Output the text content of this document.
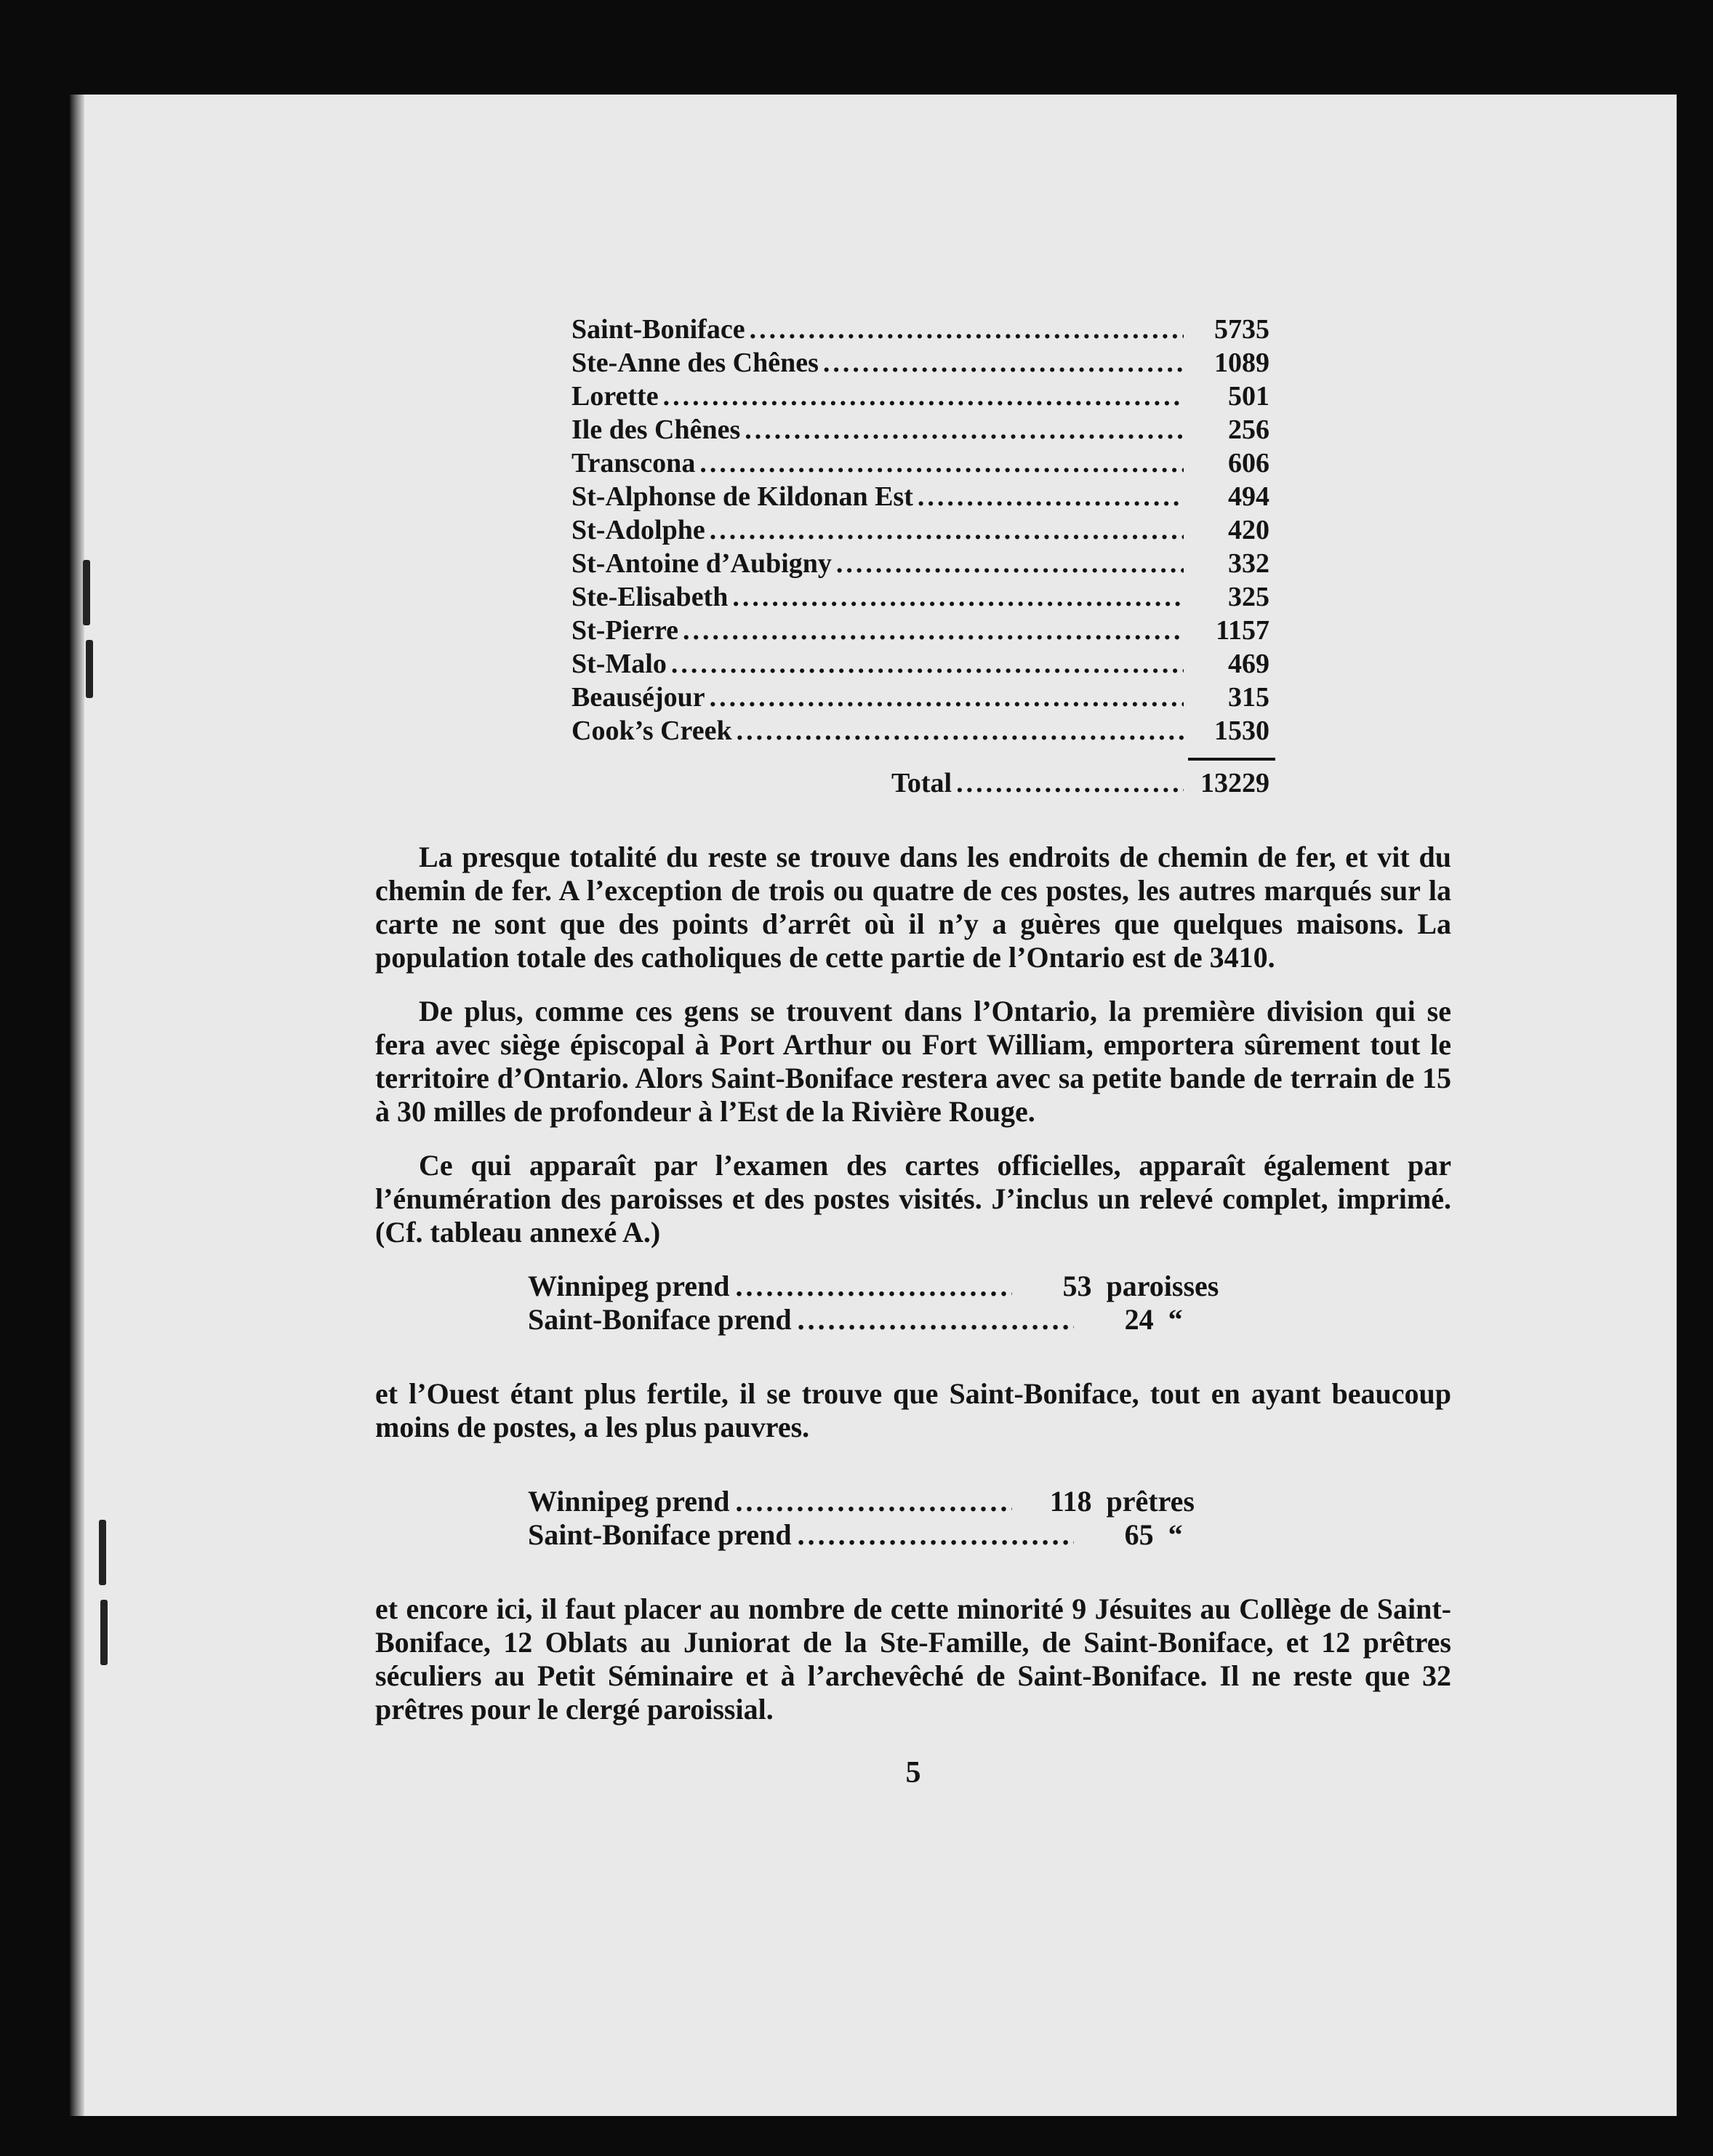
Saint-Boniface .....	5735
Ste-Anne des Chênes .....	1089
Lorette .....	501
Ile des Chênes .....	256
Transcona .....	606
St-Alphonse de Kildonan Est .....	494
St-Adolphe .....	420
St-Antoine d’Aubigny .....	332
Ste-Elisabeth .....	325
St-Pierre .....	1157
St-Malo .....	469
Beauséjour .....	315
Cook’s Creek .....	1530
Total .....	13229

La presque totalité du reste se trouve dans les endroits de chemin de fer, et vit du chemin de fer. A l’exception de trois ou quatre de ces postes, les autres marqués sur la carte ne sont que des points d’arrêt où il n’y a guères que quelques maisons. La population totale des catholiques de cette partie de l’Ontario est de 3410.

De plus, comme ces gens se trouvent dans l’Ontario, la première division qui se fera avec siège épiscopal à Port Arthur ou Fort William, emportera sûrement tout le territoire d’Ontario. Alors Saint-Boniface restera avec sa petite bande de terrain de 15 à 30 milles de profondeur à l’Est de la Rivière Rouge.

Ce qui apparaît par l’examen des cartes officielles, apparaît également par l’énumération des paroisses et des postes visités. J’inclus un relevé complet, imprimé. (Cf. tableau annexé A.)

Winnipeg prend .....	53 paroisses
Saint-Boniface prend .....	24 “

et l’Ouest étant plus fertile, il se trouve que Saint-Boniface, tout en ayant beaucoup moins de postes, a les plus pauvres.

Winnipeg prend .....	118 prêtres
Saint-Boniface prend .....	65 “

et encore ici, il faut placer au nombre de cette minorité 9 Jésuites au Collège de Saint-Boniface, 12 Oblats au Juniorat de la Ste-Famille, de Saint-Boniface, et 12 prêtres séculiers au Petit Séminaire et à l’archevêché de Saint-Boniface. Il ne reste que 32 prêtres pour le clergé paroissial.

5
